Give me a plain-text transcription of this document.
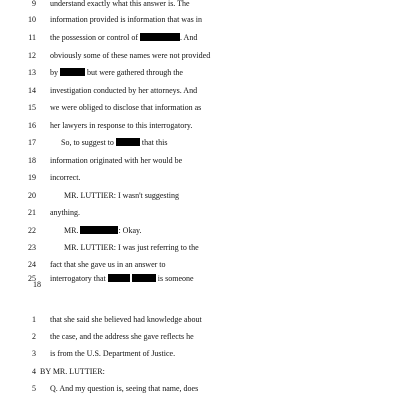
9 understand exactly what this answer is. The
10 information provided is information that was in
11 the possession or control of	. And
12 obviously some of these names were not provided
13 by	but were gathered through the
14 investigation conducted by her attorneys. And
15 we were obliged to disclose that information as
16 her lawyers in response to this interrogatory.
17	So, to suggest to	that this
18 information originated with her would be
19 incorrect.
20	MR. LUTTIER: I wasn't suggesting
21 anything.
22	MR.	: Okay.
23	MR. LUTTIER: I was just referring to the
24 fact that she gave us in an answer to
25 interrogatory that	is someone
18
1 that she said she believed had knowledge about
2 the case, and the address she gave reflects he
3 is from the U.S. Department of Justice.
4 BY MR. LUTTIER:
5 Q. And my question is, seeing that name, does
